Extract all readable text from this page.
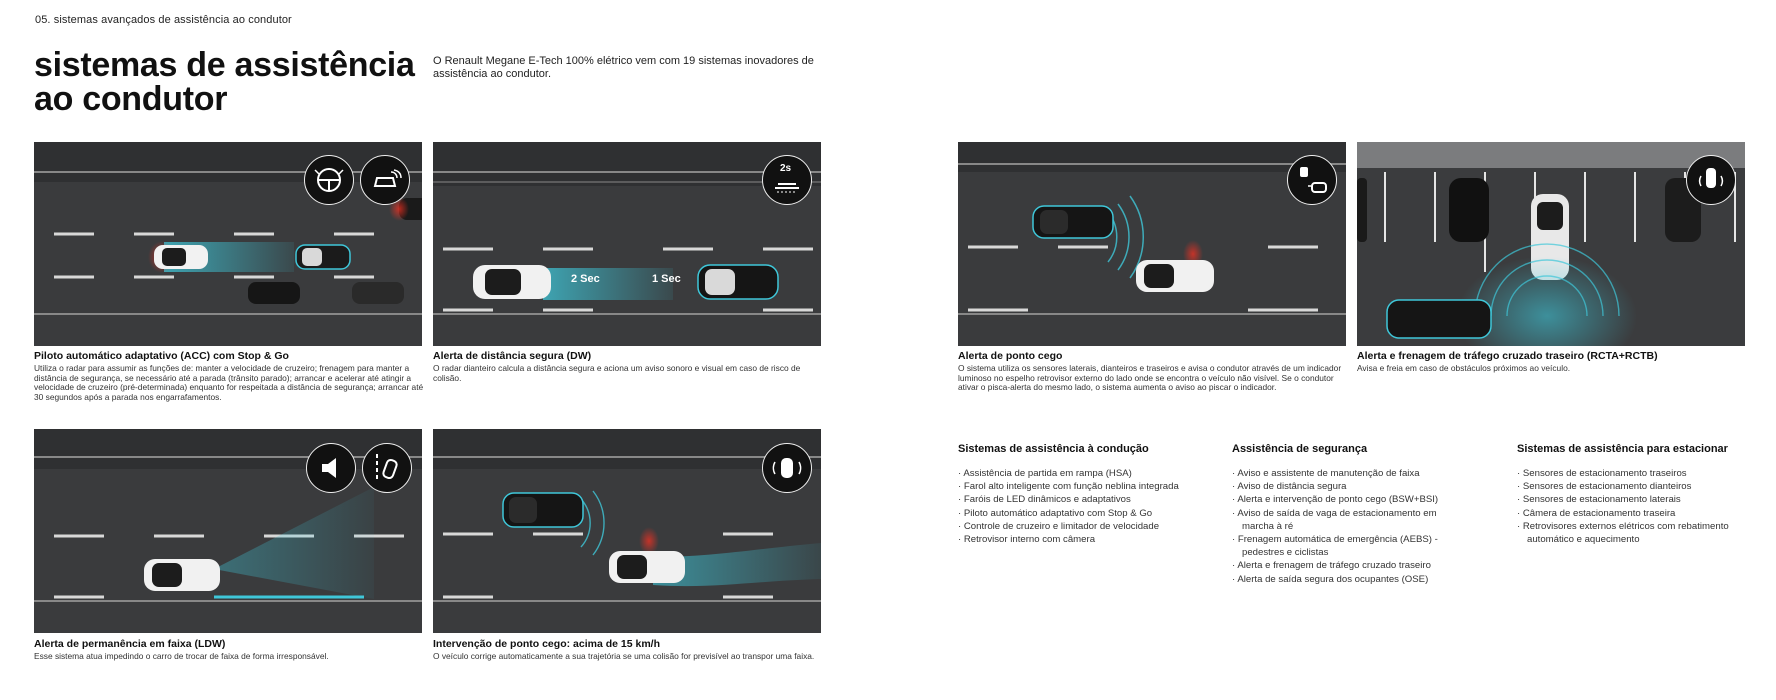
05. sistemas avançados de assistência ao condutor
sistemas de assistência
ao condutor
O Renault Megane E-Tech 100% elétrico vem com 19 sistemas inovadores de assistência ao condutor.
Piloto automático adaptativo (ACC) com Stop & Go
Utiliza o radar para assumir as funções de: manter a velocidade de cruzeiro; frenagem para manter a distância de segurança, se necessário até a parada (trânsito parado); arrancar e acelerar até atingir a velocidade de cruzeiro (pré-determinada) enquanto for respeitada a distância de segurança; arrancar até 30 segundos após a parada nos engarrafamentos.
2 Sec	1 Sec
2s
Alerta de distância segura (DW)
O radar dianteiro calcula a distância segura e aciona um aviso sonoro e visual em caso de risco de colisão.
Alerta de ponto cego
O sistema utiliza os sensores laterais, dianteiros e traseiros e avisa o condutor através de um indicador luminoso no espelho retrovisor externo do lado onde se encontra o veículo não visível. Se o condutor ativar o pisca-alerta do mesmo lado, o sistema aumenta o aviso ao piscar o indicador.
Alerta e frenagem de tráfego cruzado traseiro (RCTA+RCTB)
Avisa e freia em caso de obstáculos próximos ao veículo.
Alerta de permanência em faixa (LDW)
Esse sistema atua impedindo o carro de trocar de faixa de forma irresponsável.
Intervenção de ponto cego: acima de 15 km/h
O veículo corrige automaticamente a sua trajetória se uma colisão for previsível ao transpor uma faixa.
Sistemas de assistência à condução
· Assistência de partida em rampa (HSA)
· Farol alto inteligente com função neblina integrada
· Faróis de LED dinâmicos e adaptativos
· Piloto automático adaptativo com Stop & Go
· Controle de cruzeiro e limitador de velocidade
· Retrovisor interno com câmera
Assistência de segurança
· Aviso e assistente de manutenção de faixa
· Aviso de distância segura
· Alerta e intervenção de ponto cego (BSW+BSI)
· Aviso de saída de vaga de estacionamento em marcha à ré
· Frenagem automática de emergência (AEBS) - pedestres e ciclistas
· Alerta e frenagem de tráfego cruzado traseiro
· Alerta de saída segura dos ocupantes (OSE)
Sistemas de assistência para estacionar
· Sensores de estacionamento traseiros
· Sensores de estacionamento dianteiros
· Sensores de estacionamento laterais
· Câmera de estacionamento traseira
· Retrovisores externos elétricos com rebatimento automático e aquecimento
